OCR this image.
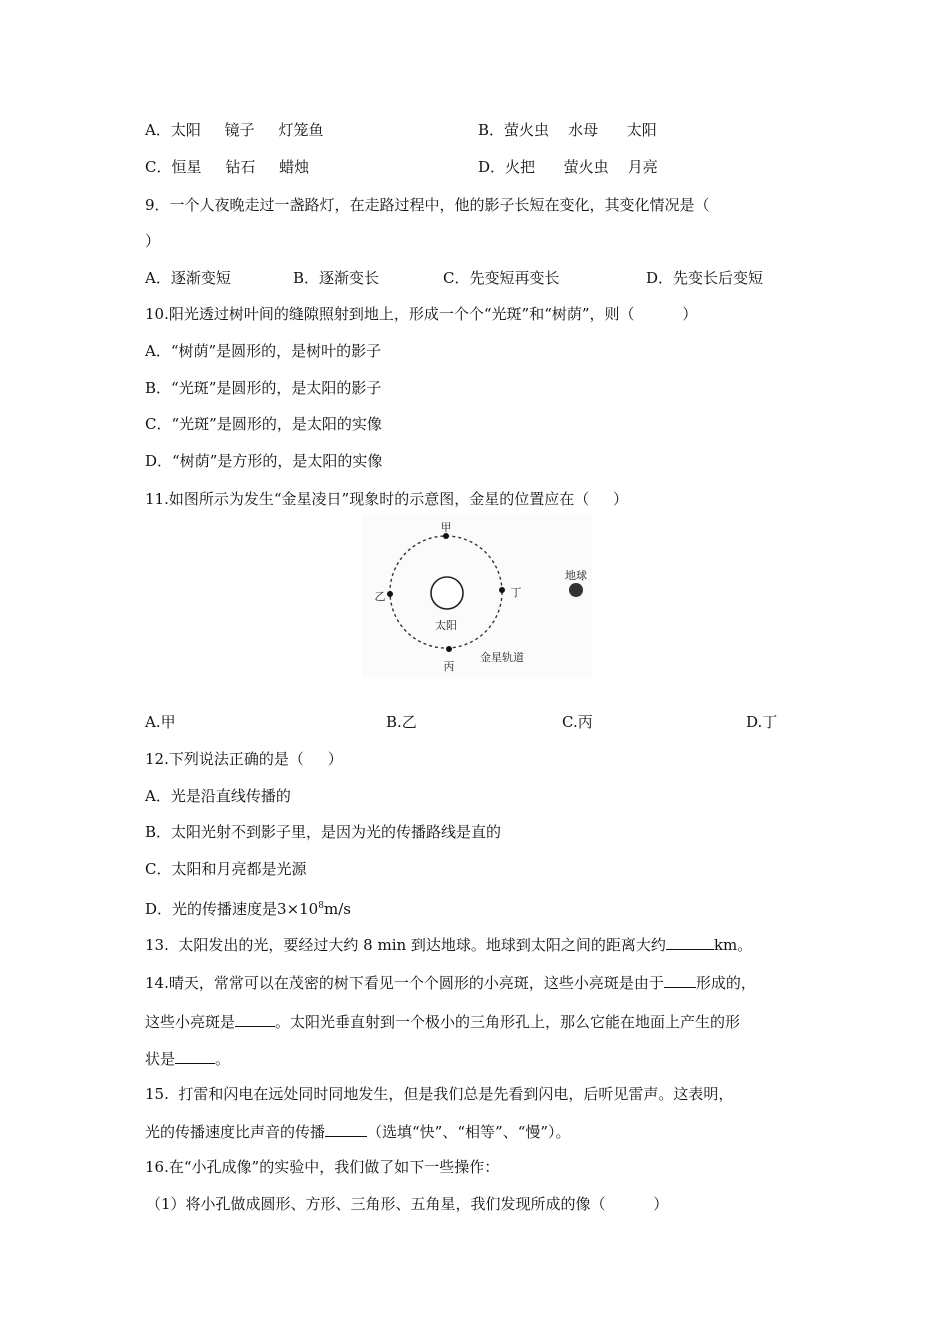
A．太阳     镜子     灯笼鱼	B．萤火虫    水母      太阳
C．恒星     钻石     蜡烛	D．火把      萤火虫    月亮
9．一个人夜晚走过一盏路灯，在走路过程中，他的影子长短在变化，其变化情况是（
）
A．逐渐变短	B．逐渐变长	C．先变短再变长	D．先变长后变短
10.阳光透过树叶间的缝隙照射到地上，形成一个个“光斑”和“树荫”，则（          ）
A．“树荫”是圆形的，是树叶的影子
B．“光斑”是圆形的，是太阳的影子
C．“光斑”是圆形的，是太阳的实像
D．“树荫”是方形的，是太阳的实像
11.如图所示为发生“金星凌日”现象时的示意图，金星的位置应在（     ）
太阳
甲
乙
丙
丁
地球
金星轨道
A.甲	B.乙	C.丙	D.丁
12.下列说法正确的是（     ）
A．光是沿直线传播的
B．太阳光射不到影子里，是因为光的传播路线是直的
C．太阳和月亮都是光源
D．光的传播速度是$3\times 10^8m/s$
13.  太阳发出的光，要经过大约 8 min 到达地球。地球到太阳之间的距离大约	km。
14.晴天，常常可以在茂密的树下看见一个个圆形的小亮斑，这些小亮斑是由于 形成的，
这些小亮斑是	。太阳光垂直射到一个极小的三角形孔上，那么它能在地面上产生的形
状是	。
15.  打雷和闪电在远处同时同地发生，但是我们总是先看到闪电，后听见雷声。这表明，
光的传播速度比声音的传播	（选填“快”、“相等”、“慢”）。
16.在“小孔成像”的实验中，我们做了如下一些操作：
（1）将小孔做成圆形、方形、三角形、五角星，我们发现所成的像（          ）
